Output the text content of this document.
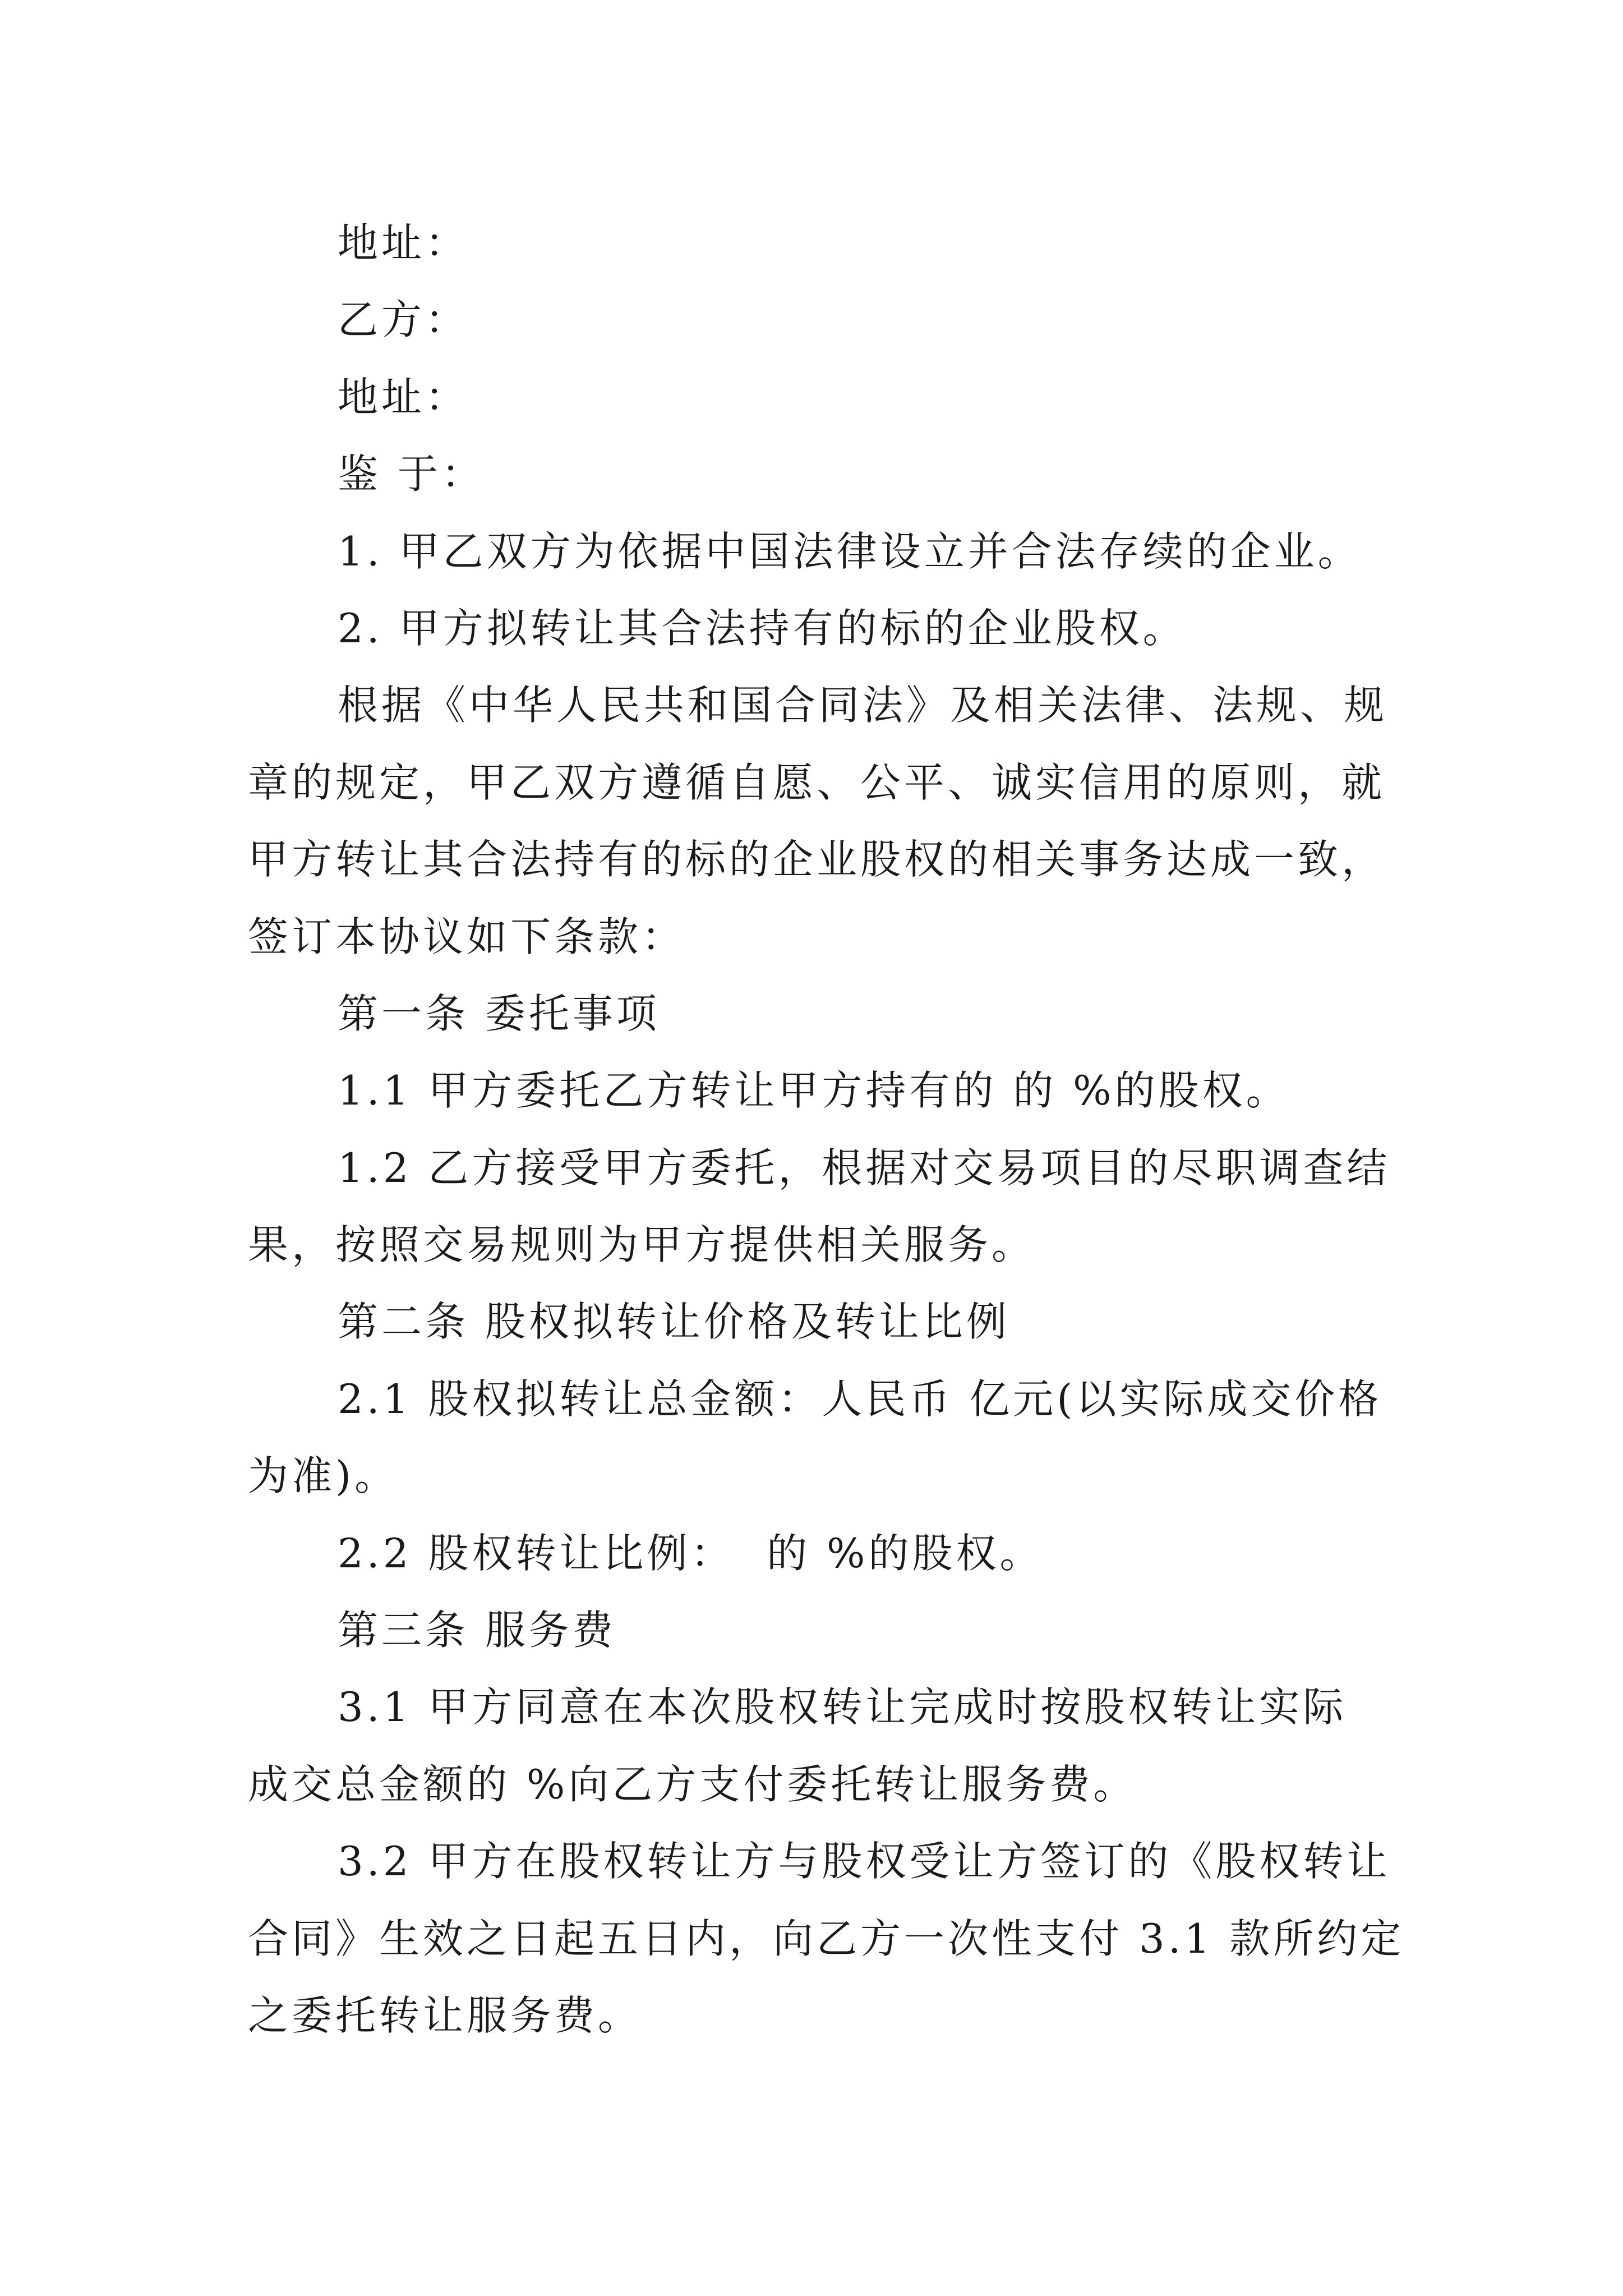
地址：
乙方：
地址：
鉴 于：
1. 甲乙双方为依据中国法律设立并合法存续的企业。
2. 甲方拟转让其合法持有的标的企业股权。
根据《中华人民共和国合同法》及相关法律、法规、规
章的规定，甲乙双方遵循自愿、公平、诚实信用的原则，就
甲方转让其合法持有的标的企业股权的相关事务达成一致，
签订本协议如下条款：
第一条 委托事项
1.1 甲方委托乙方转让甲方持有的 的 %的股权。
1.2 乙方接受甲方委托，根据对交易项目的尽职调查结
果，按照交易规则为甲方提供相关服务。
第二条 股权拟转让价格及转让比例
2.1 股权拟转让总金额：人民币 亿元(以实际成交价格
为准)。
2.2 股权转让比例：  的 %的股权。
第三条 服务费
3.1 甲方同意在本次股权转让完成时按股权转让实际
成交总金额的 %向乙方支付委托转让服务费。
3.2 甲方在股权转让方与股权受让方签订的《股权转让
合同》生效之日起五日内，向乙方一次性支付 3.1 款所约定
之委托转让服务费。
